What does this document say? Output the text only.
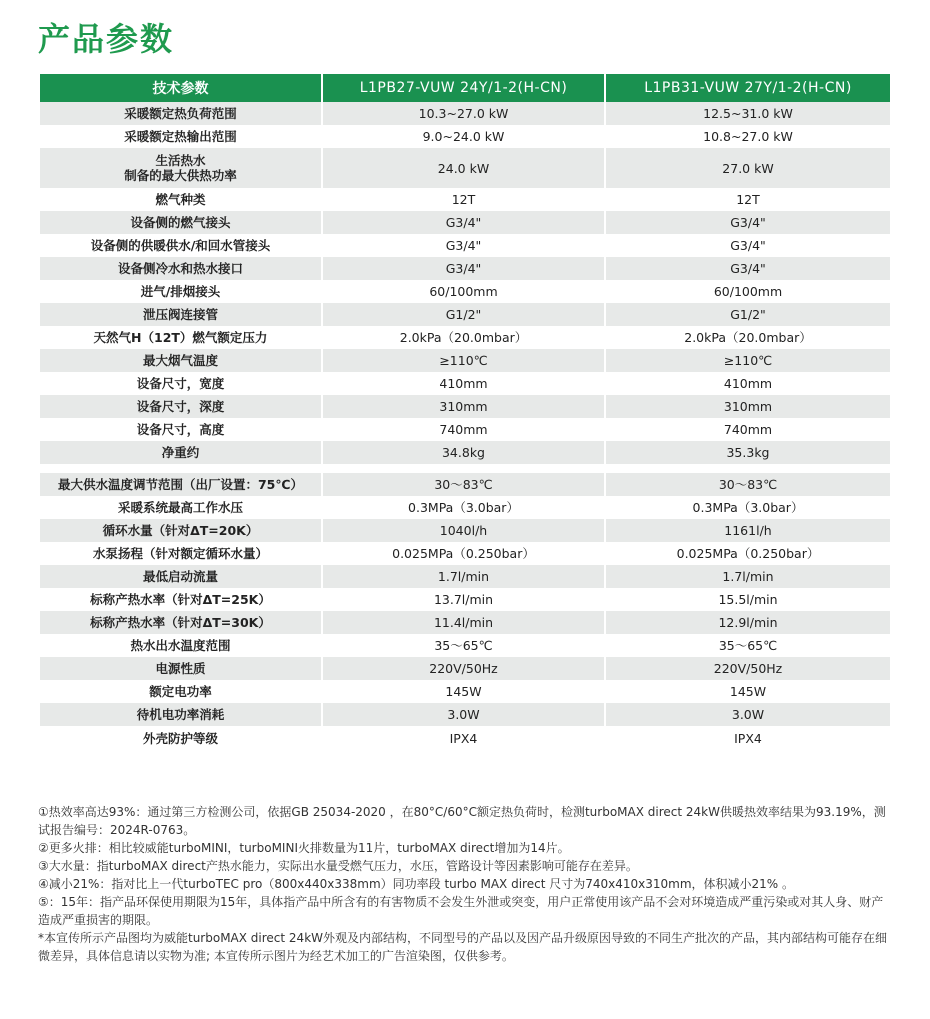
产品参数
技术参数	L1PB27-VUW 24Y/1-2(H-CN)	L1PB31-VUW 27Y/1-2(H-CN)
采暖额定热负荷范围	10.3~27.0 kW	12.5~31.0 kW
采暖额定热输出范围	9.0~24.0 kW	10.8~27.0 kW
生活热水
制备的最大供热功率	24.0 kW	27.0 kW
燃气种类	12T	12T
设备侧的燃气接头	G3/4"	G3/4"
设备侧的供暖供水/和回水管接头	G3/4"	G3/4"
设备侧冷水和热水接口	G3/4"	G3/4"
进气/排烟接头	60/100mm	60/100mm
泄压阀连接管	G1/2"	G1/2"
天然气H（12T）燃气额定压力	2.0kPa（20.0mbar）	2.0kPa（20.0mbar）
最大烟气温度	≥110℃	≥110℃
设备尺寸，宽度	410mm	410mm
设备尺寸，深度	310mm	310mm
设备尺寸，高度	740mm	740mm
净重约	34.8kg	35.3kg

最大供水温度调节范围（出厂设置：75℃）	30～83℃	30～83℃
采暖系统最高工作水压	0.3MPa（3.0bar）	0.3MPa（3.0bar）
循环水量（针对ΔT=20K）	1040l/h	1161l/h
水泵扬程（针对额定循环水量）	0.025MPa（0.250bar）	0.025MPa（0.250bar）
最低启动流量	1.7l/min	1.7l/min
标称产热水率（针对ΔT=25K）	13.7l/min	15.5l/min
标称产热水率（针对ΔT=30K）	11.4l/min	12.9l/min
热水出水温度范围	35～65℃	35～65℃
电源性质	220V/50Hz	220V/50Hz
额定电功率	145W	145W
待机电功率消耗	3.0W	3.0W
外壳防护等级	IPX4	IPX4

①热效率高达93%：通过第三方检测公司，依据GB 25034-2020 ，在80°C/60°C额定热负荷时，检测turboMAX direct 24kW供暖热效率结果为93.19%，测试报告编号：2024R-0763。

②更多火排：相比较威能turboMINI，turboMINI火排数量为11片，turboMAX direct增加为14片。

③大水量：指turboMAX direct产热水能力，实际出水量受燃气压力，水压，管路设计等因素影响可能存在差异。

④减小21%：指对比上一代turboTEC pro（800x440x338mm）同功率段 turbo MAX direct 尺寸为740x410x310mm，体积减小21% 。

⑤：15年：指产品环保使用期限为15年，具体指产品中所含有的有害物质不会发生外泄或突变，用户正常使用该产品不会对环境造成严重污染或对其人身、财产造成严重损害的期限。

*本宣传所示产品图均为威能turboMAX direct 24kW外观及内部结构，不同型号的产品以及因产品升级原因导致的不同生产批次的产品，其内部结构可能存在细微差异，具体信息请以实物为准; 本宣传所示图片为经艺术加工的广告渲染图，仅供参考。
